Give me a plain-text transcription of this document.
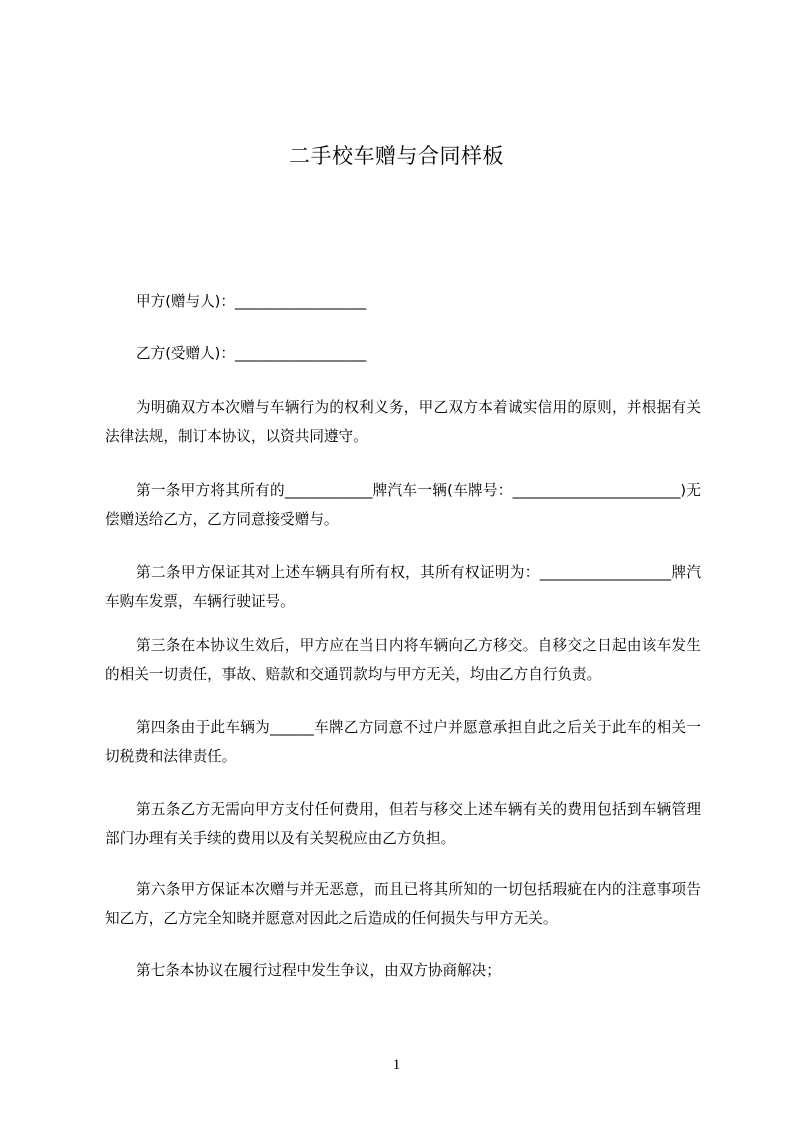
二手校车赠与合同样板

甲方(赠与人)：__________________

乙方(受赠人)：__________________

为明确双方本次赠与车辆行为的权利义务，甲乙双方本着诚实信用的原则，并根据有关法律法规，制订本协议，以资共同遵守。

第一条甲方将其所有的____________牌汽车一辆(车牌号：_______________________)无偿赠送给乙方，乙方同意接受赠与。

第二条甲方保证其对上述车辆具有所有权，其所有权证明为：__________________牌汽车购车发票，车辆行驶证号。

第三条在本协议生效后，甲方应在当日内将车辆向乙方移交。自移交之日起由该车发生的相关一切责任，事故、赔款和交通罚款均与甲方无关，均由乙方自行负责。

第四条由于此车辆为______车牌乙方同意不过户并愿意承担自此之后关于此车的相关一切税费和法律责任。

第五条乙方无需向甲方支付任何费用，但若与移交上述车辆有关的费用包括到车辆管理部门办理有关手续的费用以及有关契税应由乙方负担。

第六条甲方保证本次赠与并无恶意，而且已将其所知的一切包括瑕疵在内的注意事项告知乙方，乙方完全知晓并愿意对因此之后造成的任何损失与甲方无关。

第七条本协议在履行过程中发生争议，由双方协商解决；

1
